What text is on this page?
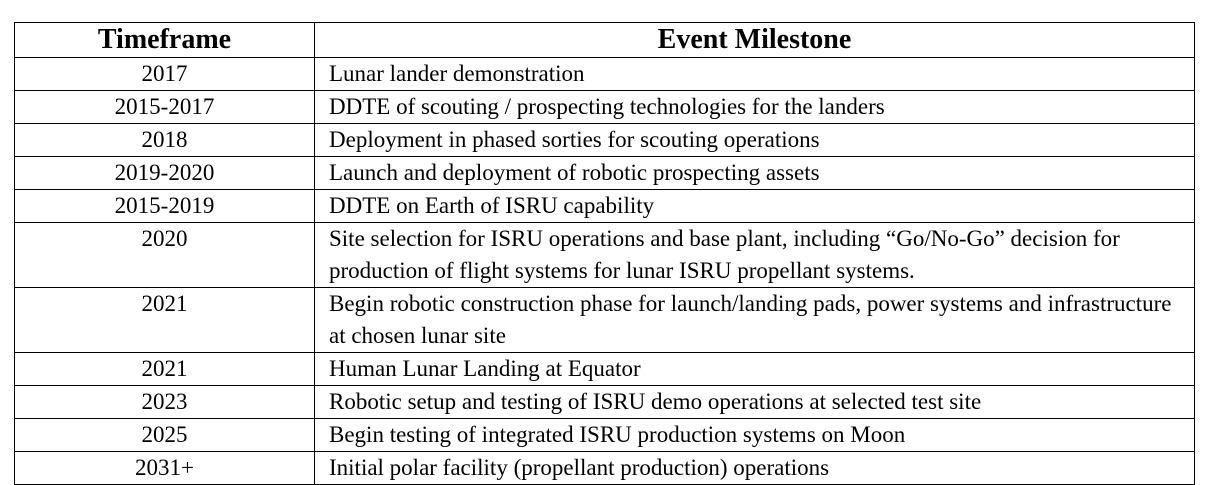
Timeframe	Event Milestone
2017	Lunar lander demonstration
2015-2017	DDTE of scouting / prospecting technologies for the landers
2018	Deployment in phased sorties for scouting operations
2019-2020	Launch and deployment of robotic prospecting assets
2015-2019	DDTE on Earth of ISRU capability
2020	Site selection for ISRU operations and base plant, including “Go/No-Go” decision for production of flight systems for lunar ISRU propellant systems.
2021	Begin robotic construction phase for launch/landing pads, power systems and infrastructure at chosen lunar site
2021	Human Lunar Landing at Equator
2023	Robotic setup and testing of ISRU demo operations at selected test site
2025	Begin testing of integrated ISRU production systems on Moon
2031+	Initial polar facility (propellant production) operations
